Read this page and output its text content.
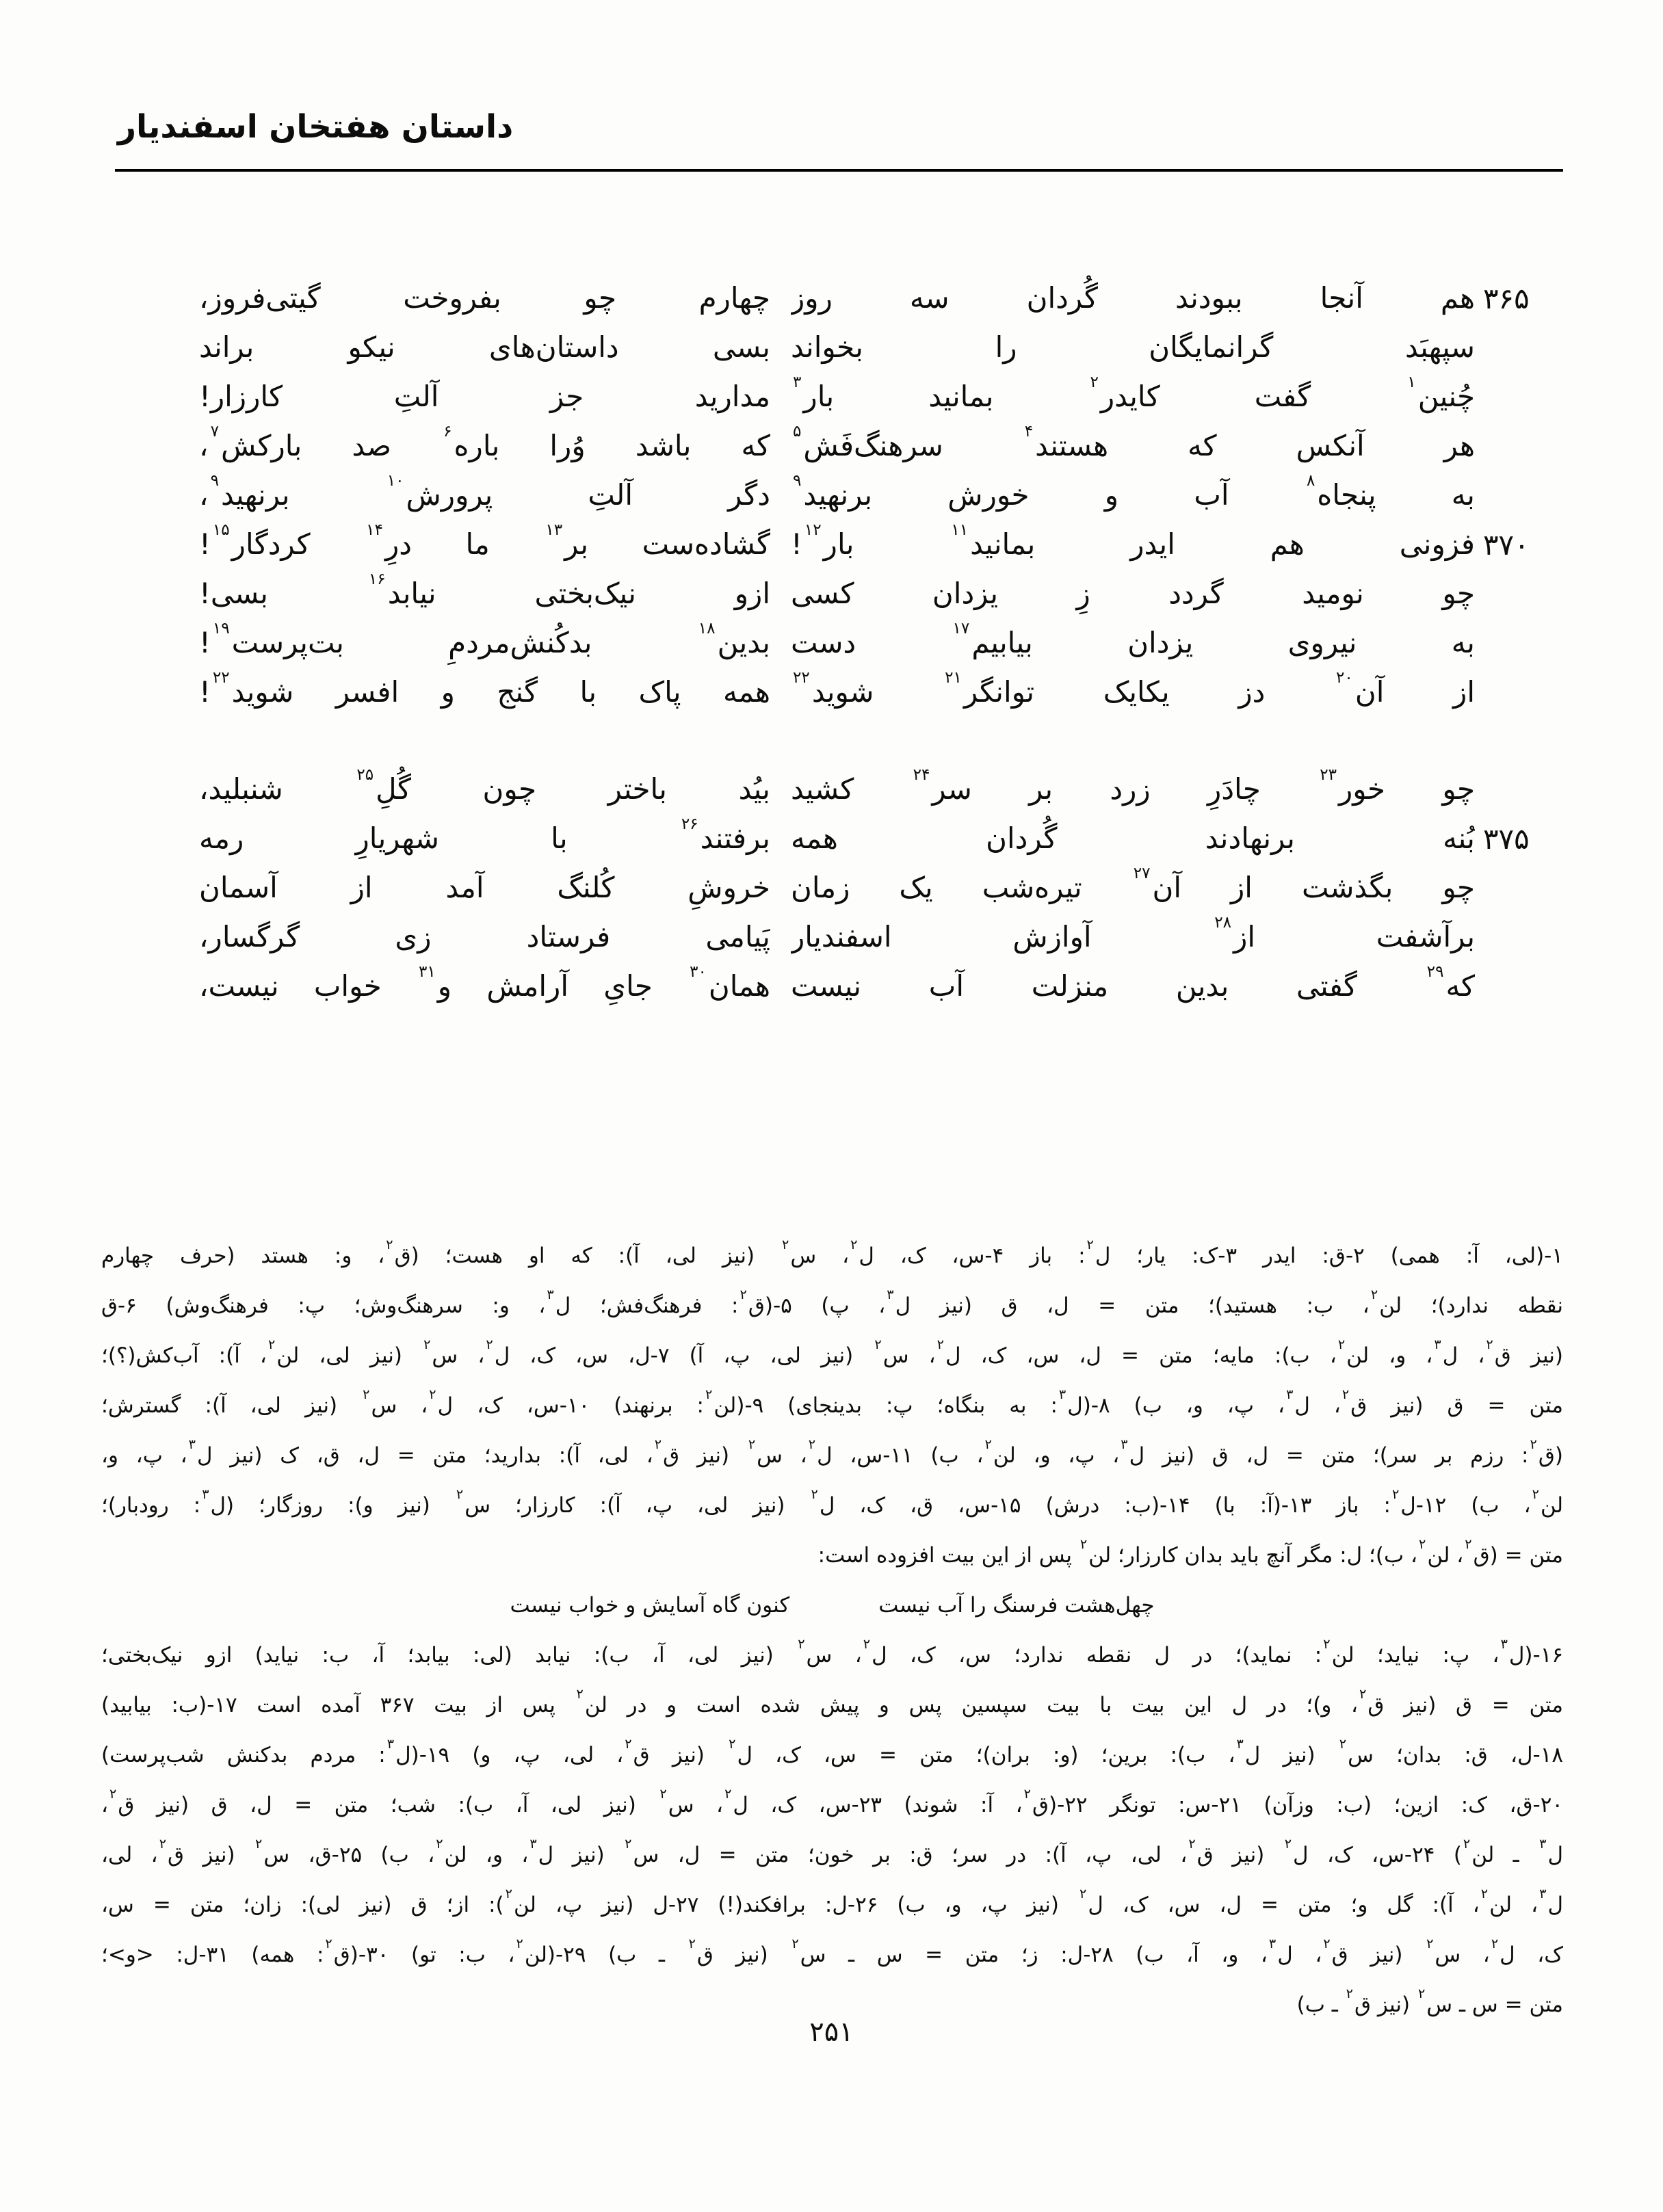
داستان هفتخان اسفندیار
۳۶۵
هم آنجا ببودند گُردان سه روز
چهارم چو بفروخت گیتی‌فروز،
سپهبَد گرانمایگان را بخواند
بسی داستان‌های نیکو براند
چُنین$^۱$ گفت کایدر$^۲$ بمانید بار$^۳$
مدارید جز آلتِ کارزار!
هر آنکس که هستند$^۴$ سرهنگ‌فَش$^۵$
که باشد وُرا باره$^۶$ صد بارکش$^۷$،
به پنجاه$^۸$ آب و خورش برنهید$^۹$
دگر آلتِ پرورش$^{۱۰}$ برنهید$^۹$،
۳۷۰
فزونی هم ایدر بمانید$^{۱۱}$ بار$^{۱۲}$!
گشاده‌ست بر$^{۱۳}$ ما درِ$^{۱۴}$ کردگار$^{۱۵}$!
چو نومید گردد زِ یزدان کسی
ازو نیک‌بختی نیابد$^{۱۶}$ بسی!
به نیروی یزدان بیابیم$^{۱۷}$ دست
بدین$^{۱۸}$ بدکُنش‌مردمِ بت‌پرست$^{۱۹}$!
از آن$^{۲۰}$ دز یکایک توانگر$^{۲۱}$ شوید$^{۲۲}$
همه پاک با گنج و افسر شوید$^{۲۲}$!
چو خور$^{۲۳}$ چادَرِ زرد بر سر$^{۲۴}$ کشید
بیُد باختر چون گُلِ$^{۲۵}$ شنبلید،
۳۷۵
بُنه برنهادند گُردان همه
برفتند$^{۲۶}$ با شهریارِ رمه
چو بگذشت از آن$^{۲۷}$ تیره‌شب یک زمان
خروشِ کُلنگ آمد از آسمان
برآشفت از$^{۲۸}$ آوازش اسفندیار
پَیامی فرستاد زی گرگسار،
که$^{۲۹}$ گفتی بدین منزلت آب نیست
همان$^{۳۰}$ جایِ آرامش و$^{۳۱}$ خواب نیست،
۱-(لی، آ: همی) ۲-ق: ایدر ۳-ک: یار؛ ل$^۲$: باز ۴-س، ک، ل$^۲$، س$^۲$ (نیز لی، آ): که او هست؛ (ق$^۲$، و: هستد (حرف چهارم
نقطه ندارد)؛ لن$^۲$، ب: هستید)؛ متن = ل، ق (نیز ل$^۳$، پ) ۵-(ق$^۲$: فرهنگ‌فش؛ ل$^۳$، و: سرهنگ‌وش؛ پ: فرهنگ‌وش) ۶-ق
(نیز ق$^۲$، ل$^۳$، و، لن$^۲$، ب): مایه؛ متن = ل، س، ک، ل$^۲$، س$^۲$ (نیز لی، پ، آ) ۷-ل، س، ک، ل$^۲$، س$^۲$ (نیز لی، لن$^۲$، آ): آب‌کش(؟)؛
متن = ق (نیز ق$^۲$، ل$^۳$، پ، و، ب) ۸-(ل$^۳$: به بنگاه؛ پ: بدینجای) ۹-(لن$^۲$: برنهند) ۱۰-س، ک، ل$^۲$، س$^۲$ (نیز لی، آ): گسترش؛
(ق$^۲$: رزم بر سر)؛ متن = ل، ق (نیز ل$^۳$، پ، و، لن$^۲$، ب) ۱۱-س، ل$^۲$، س$^۲$ (نیز ق$^۲$، لی، آ): بدارید؛ متن = ل، ق، ک (نیز ل$^۳$، پ، و،
لن$^۲$، ب) ۱۲-ل$^۲$: باز ۱۳-(آ: با) ۱۴-(ب: درش) ۱۵-س، ق، ک، ل$^۲$ (نیز لی، پ، آ): کارزار؛ س$^۲$ (نیز و): روزگار؛ (ل$^۳$: رودبار)؛
متن = (ق$^۲$، لن$^۲$، ب)؛ ل: مگر آنچ باید بدان کارزار؛ لن$^۲$ پس از این بیت افزوده است:
چهل‌هشت فرسنگ را آب نیست
کنون گاه آسایش و خواب نیست
۱۶-(ل$^۳$، پ: نیاید؛ لن$^۲$: نماید)؛ در ل نقطه ندارد؛ س، ک، ل$^۲$، س$^۲$ (نیز لی، آ، ب): نیابد (لی: بیابد؛ آ، ب: نیاید) ازو نیک‌بختی؛
متن = ق (نیز ق$^۲$، و)؛ در ل این بیت با بیت سپسین پس و پیش شده است و در لن$^۲$ پس از بیت ۳۶۷ آمده است ۱۷-(ب: بیابید)
۱۸-ل، ق: بدان؛ س$^۲$ (نیز ل$^۳$، ب): برین؛ (و: بران)؛ متن = س، ک، ل$^۲$ (نیز ق$^۲$، لی، پ، و) ۱۹-(ل$^۳$: مردم بدکنش شب‌پرست)
۲۰-ق، ک: ازین؛ (ب: وزآن) ۲۱-س: تونگر ۲۲-(ق$^۲$، آ: شوند) ۲۳-س، ک، ل$^۲$، س$^۲$ (نیز لی، آ، ب): شب؛ متن = ل، ق (نیز ق$^۲$،
ل$^۳$ ـ لن$^۲$) ۲۴-س، ک، ل$^۲$ (نیز ق$^۲$، لی، پ، آ): در سر؛ ق: بر خون؛ متن = ل، س$^۲$ (نیز ل$^۳$، و، لن$^۲$، ب) ۲۵-ق، س$^۲$ (نیز ق$^۲$، لی،
ل$^۳$، لن$^۲$، آ): گل و؛ متن = ل، س، ک، ل$^۲$ (نیز پ، و، ب) ۲۶-ل: برافکند(!) ۲۷-ل (نیز پ، لن$^۲$): از؛ ق (نیز لی): زان؛ متن = س،
ک، ل$^۲$، س$^۲$ (نیز ق$^۲$، ل$^۳$، و، آ، ب) ۲۸-ل: ز؛ متن = س ـ س$^۲$ (نیز ق$^۲$ ـ ب) ۲۹-(لن$^۲$، ب: تو) ۳۰-(ق$^۲$: همه) ۳۱-ل: <و>؛
متن = س ـ س$^۲$ (نیز ق$^۲$ ـ ب)
۲۵۱
